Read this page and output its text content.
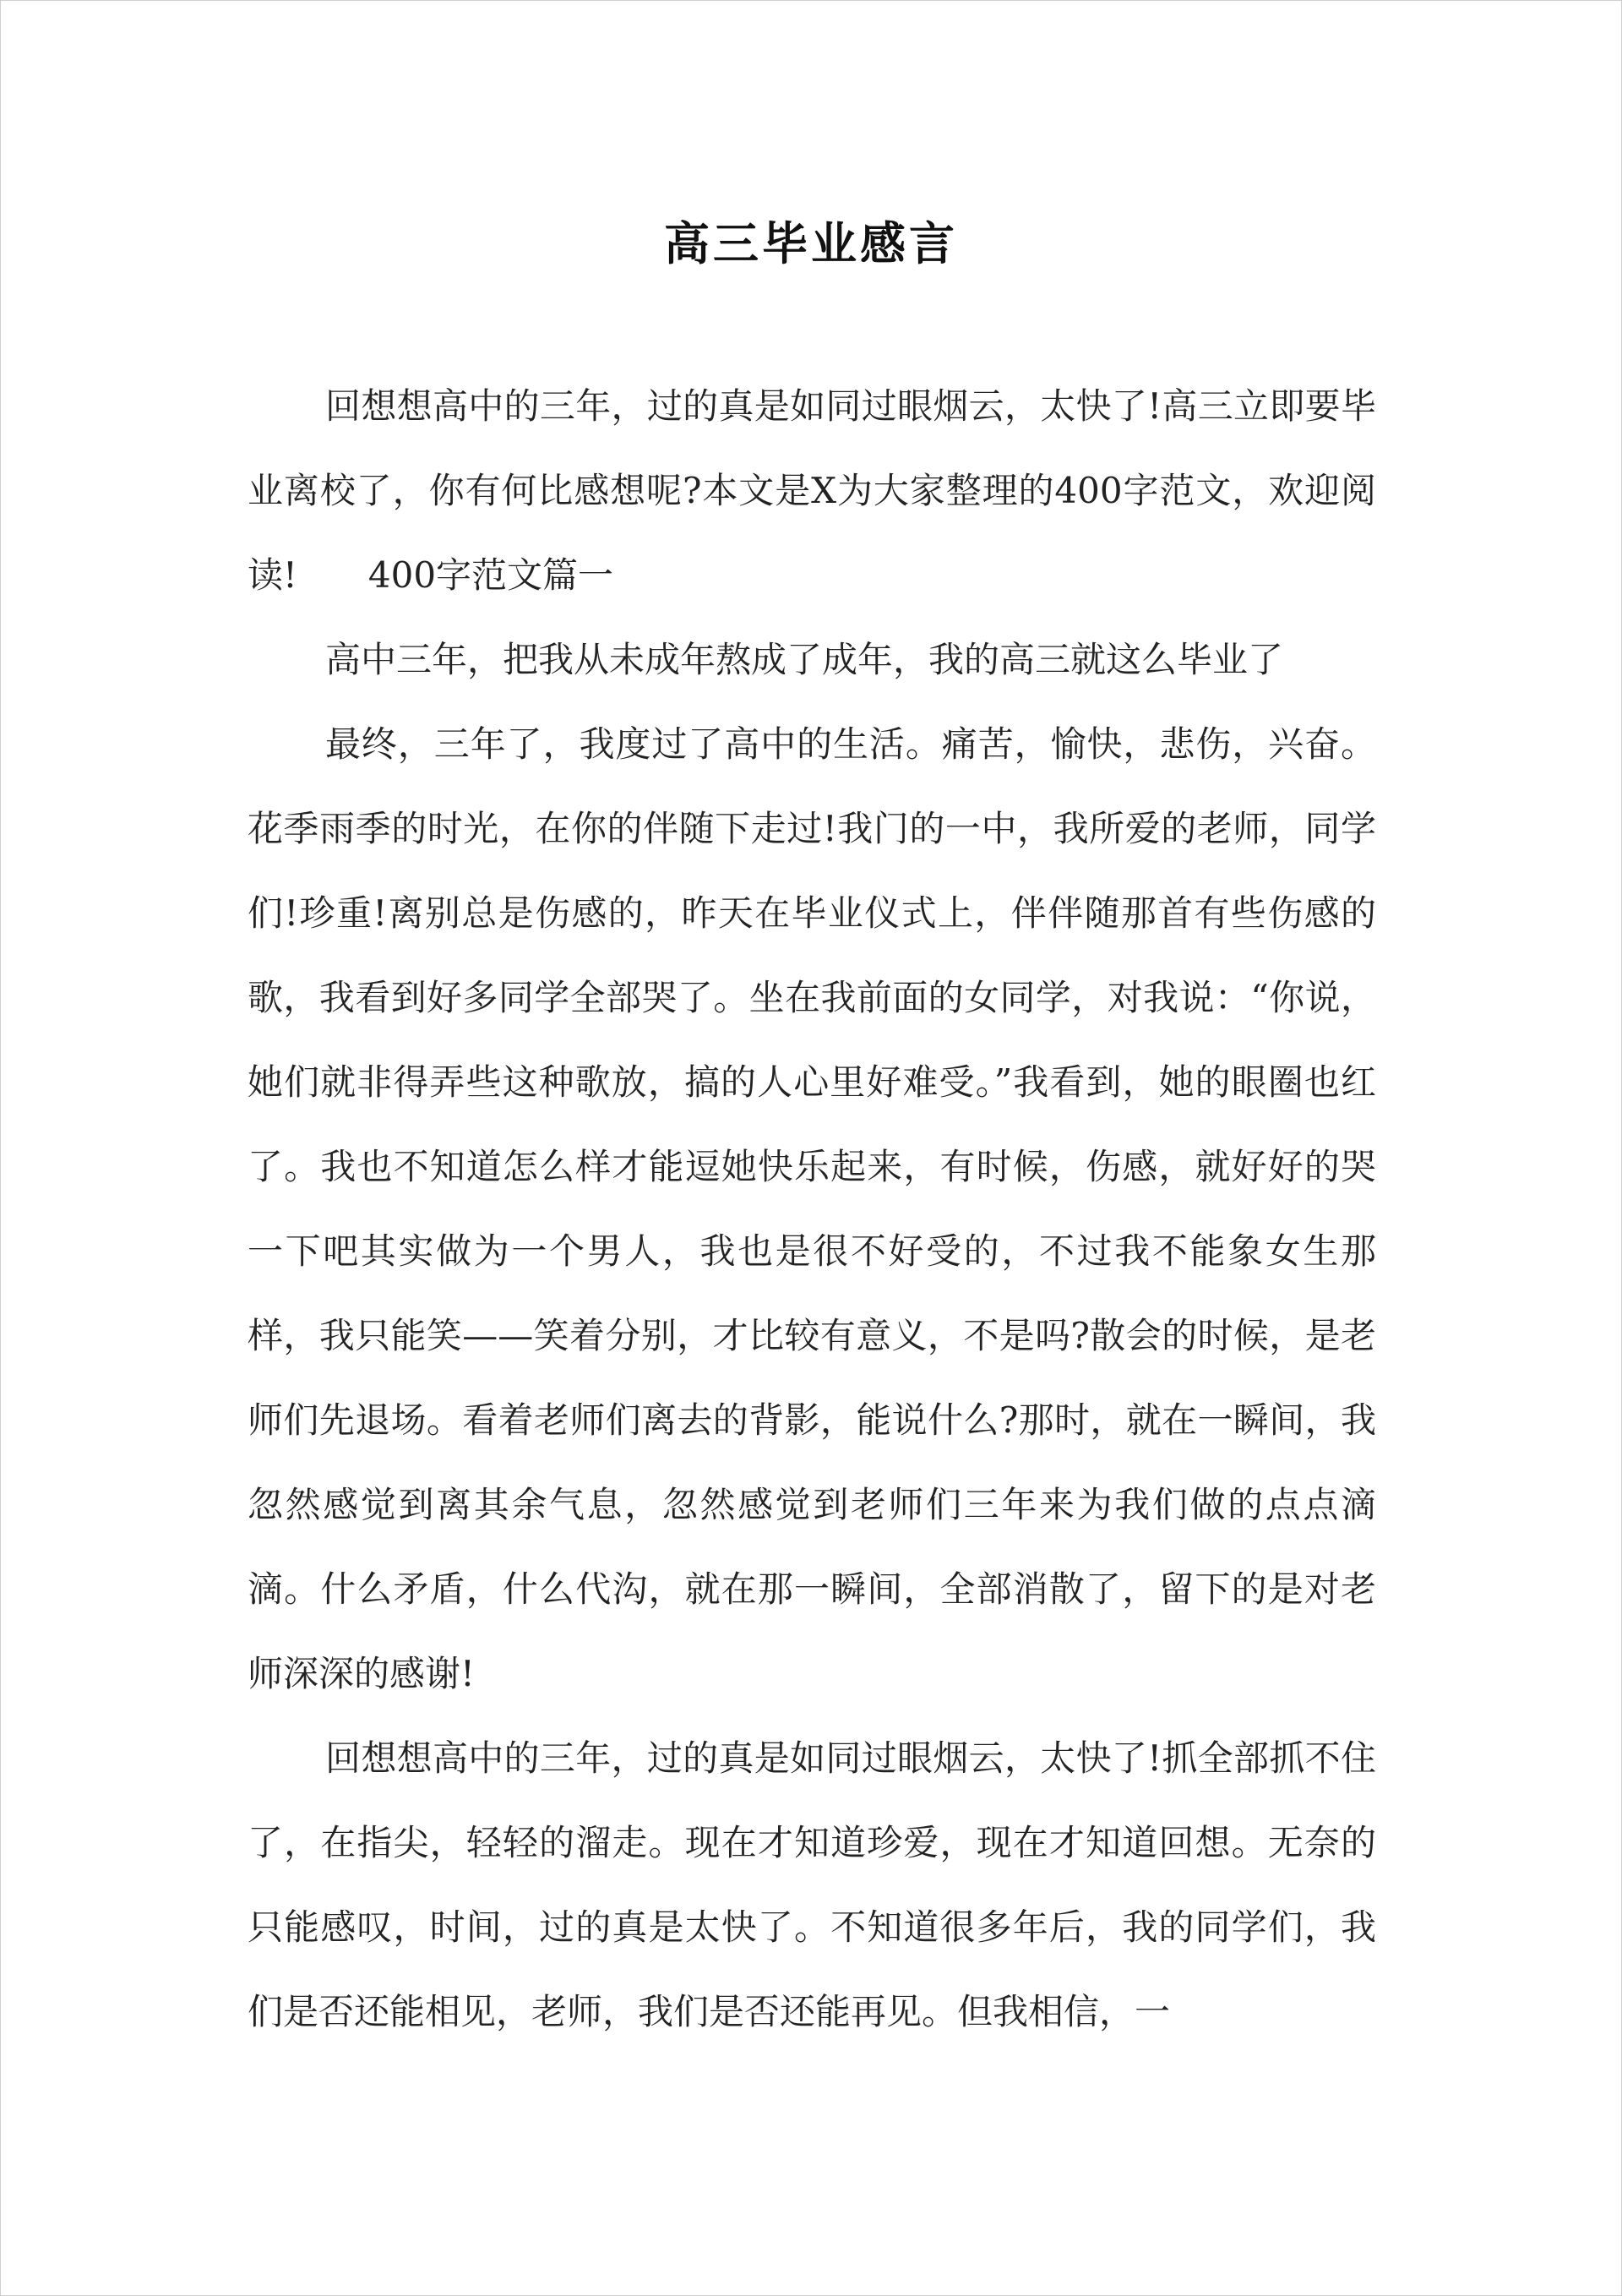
高三毕业感言

回想想高中的三年，过的真是如同过眼烟云，太快了!高三立即要毕业离校了，你有何比感想呢?本文是X为大家整理的400字范文，欢迎阅读!　　400字范文篇一

高中三年，把我从未成年熬成了成年，我的高三就这么毕业了

最终，三年了，我度过了高中的生活。痛苦，愉快，悲伤，兴奋。花季雨季的时光，在你的伴随下走过!我门的一中，我所爱的老师，同学们!珍重!离别总是伤感的，昨天在毕业仪式上，伴伴随那首有些伤感的歌，我看到好多同学全部哭了。坐在我前面的女同学，对我说：“你说，她们就非得弄些这种歌放，搞的人心里好难受。”我看到，她的眼圈也红了。我也不知道怎么样才能逗她快乐起来，有时候，伤感，就好好的哭一下吧其实做为一个男人，我也是很不好受的，不过我不能象女生那样，我只能笑——笑着分别，才比较有意义，不是吗?散会的时候，是老师们先退场。看着老师们离去的背影，能说什么?那时，就在一瞬间，我忽然感觉到离其余气息，忽然感觉到老师们三年来为我们做的点点滴滴。什么矛盾，什么代沟，就在那一瞬间，全部消散了，留下的是对老师深深的感谢!

回想想高中的三年，过的真是如同过眼烟云，太快了!抓全部抓不住了，在指尖，轻轻的溜走。现在才知道珍爱，现在才知道回想。无奈的只能感叹，时间，过的真是太快了。不知道很多年后，我的同学们，我们是否还能相见，老师，我们是否还能再见。但我相信，一
